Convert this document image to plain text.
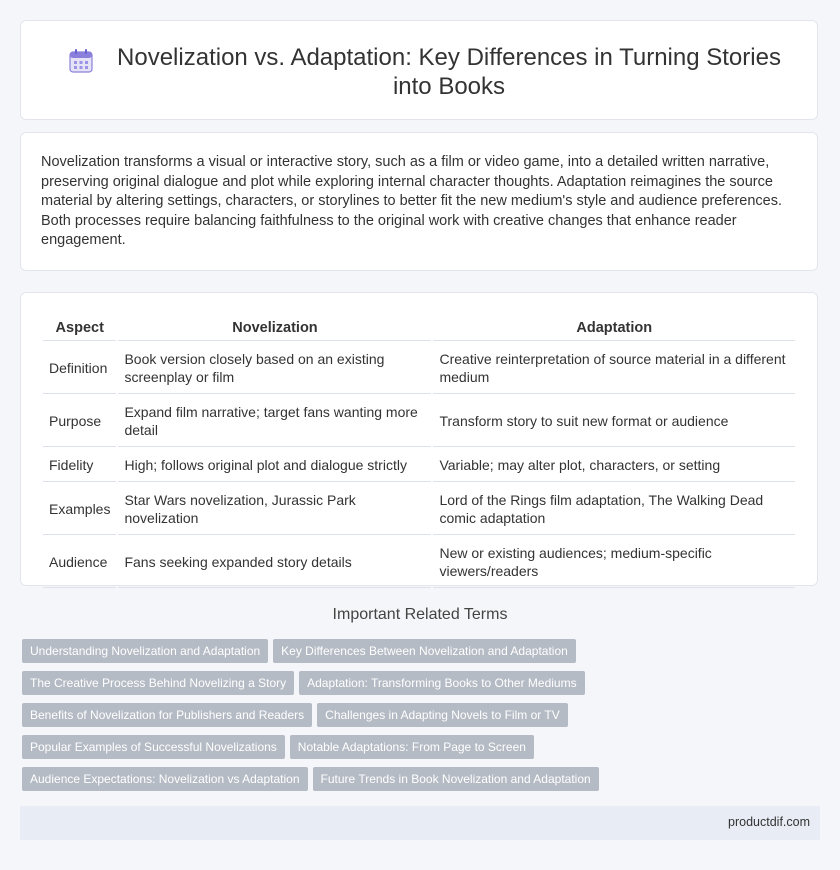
Novelization vs. Adaptation: Key Differences in Turning Stories into Books

Novelization transforms a visual or interactive story, such as a film or video game, into a detailed written narrative, preserving original dialogue and plot while exploring internal character thoughts. Adaptation reimagines the source material by altering settings, characters, or storylines to better fit the new medium's style and audience preferences. Both processes require balancing faithfulness to the original work with creative changes that enhance reader engagement.

Aspect	Novelization	Adaptation
Definition	Book version closely based on an existing screenplay or film	Creative reinterpretation of source material in a different medium
Purpose	Expand film narrative; target fans wanting more detail	Transform story to suit new format or audience
Fidelity	High; follows original plot and dialogue strictly	Variable; may alter plot, characters, or setting
Examples	Star Wars novelization, Jurassic Park novelization	Lord of the Rings film adaptation, The Walking Dead comic adaptation
Audience	Fans seeking expanded story details	New or existing audiences; medium-specific viewers/readers
Important Related Terms
Understanding Novelization and Adaptation Key Differences Between Novelization and Adaptation
The Creative Process Behind Novelizing a Story Adaptation: Transforming Books to Other Mediums
Benefits of Novelization for Publishers and Readers Challenges in Adapting Novels to Film or TV
Popular Examples of Successful Novelizations Notable Adaptations: From Page to Screen
Audience Expectations: Novelization vs Adaptation Future Trends in Book Novelization and Adaptation
productdif.com
